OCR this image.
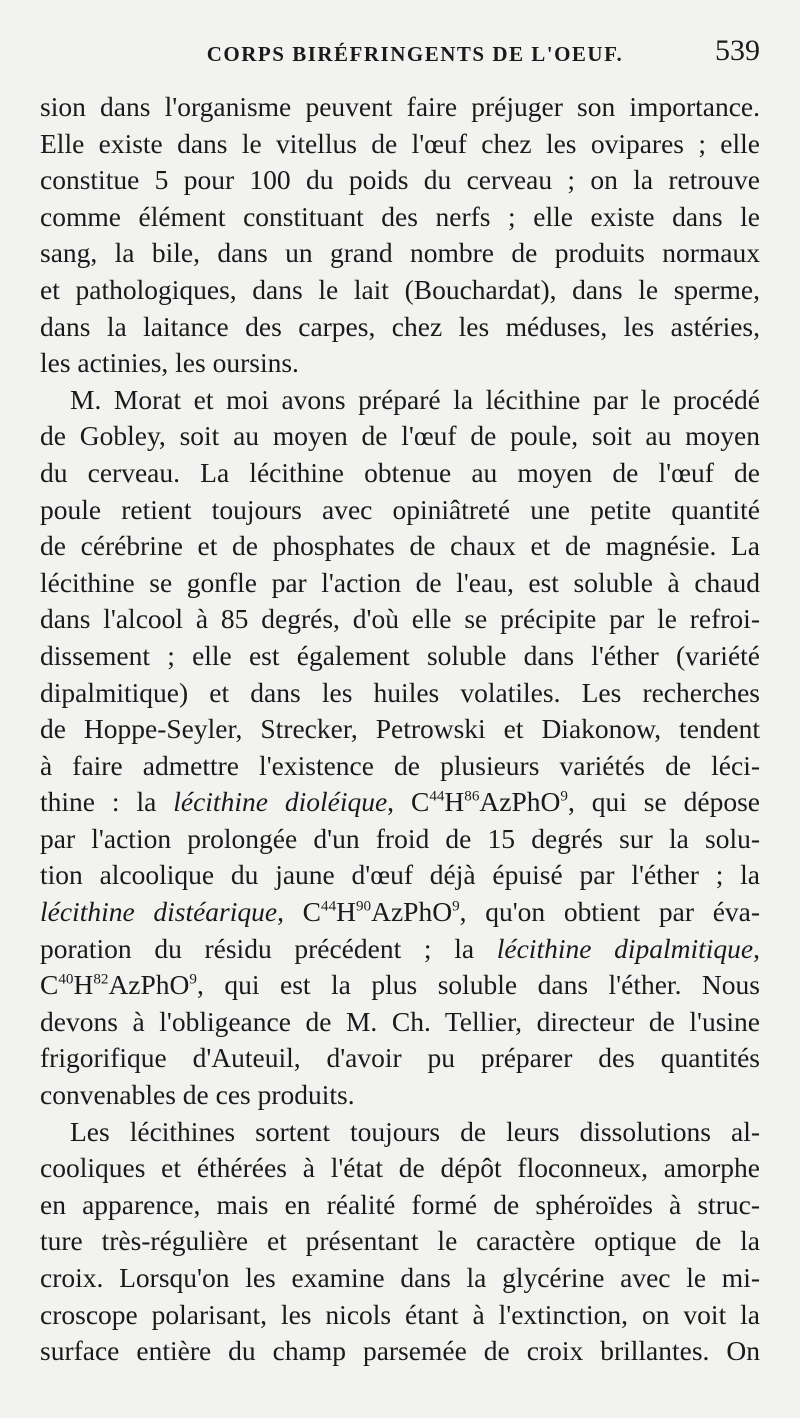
CORPS BIRÉFRINGENTS DE L'OEUF.	539
sion dans l'organisme peuvent faire préjuger son importance.
Elle existe dans le vitellus de l'œuf chez les ovipares ; elle
constitue 5 pour 100 du poids du cerveau ; on la retrouve
comme élément constituant des nerfs ; elle existe dans le
sang, la bile, dans un grand nombre de produits normaux
et pathologiques, dans le lait (Bouchardat), dans le sperme,
dans la laitance des carpes, chez les méduses, les astéries,
les actinies, les oursins.
M. Morat et moi avons préparé la lécithine par le procédé
de Gobley, soit au moyen de l'œuf de poule, soit au moyen
du cerveau. La lécithine obtenue au moyen de l'œuf de
poule retient toujours avec opiniâtreté une petite quantité
de cérébrine et de phosphates de chaux et de magnésie. La
lécithine se gonfle par l'action de l'eau, est soluble à chaud
dans l'alcool à 85 degrés, d'où elle se précipite par le refroi-
dissement ; elle est également soluble dans l'éther (variété
dipalmitique) et dans les huiles volatiles. Les recherches
de Hoppe-Seyler, Strecker, Petrowski et Diakonow, tendent
à faire admettre l'existence de plusieurs variétés de léci-
thine : la lécithine dioléique, $C^{44}H^{86}AzPhO^9$, qui se dépose
par l'action prolongée d'un froid de 15 degrés sur la solu-
tion alcoolique du jaune d'œuf déjà épuisé par l'éther ; la
lécithine distéarique, $C^{44}H^{90}AzPhO^9$, qu'on obtient par éva-
poration du résidu précédent ; la lécithine dipalmitique,
$C^{40}H^{82}AzPhO^9$, qui est la plus soluble dans l'éther. Nous
devons à l'obligeance de M. Ch. Tellier, directeur de l'usine
frigorifique d'Auteuil, d'avoir pu préparer des quantités
convenables de ces produits.
Les lécithines sortent toujours de leurs dissolutions al-
cooliques et éthérées à l'état de dépôt floconneux, amorphe
en apparence, mais en réalité formé de sphéroïdes à struc-
ture très-régulière et présentant le caractère optique de la
croix. Lorsqu'on les examine dans la glycérine avec le mi-
croscope polarisant, les nicols étant à l'extinction, on voit la
surface entière du champ parsemée de croix brillantes. On
